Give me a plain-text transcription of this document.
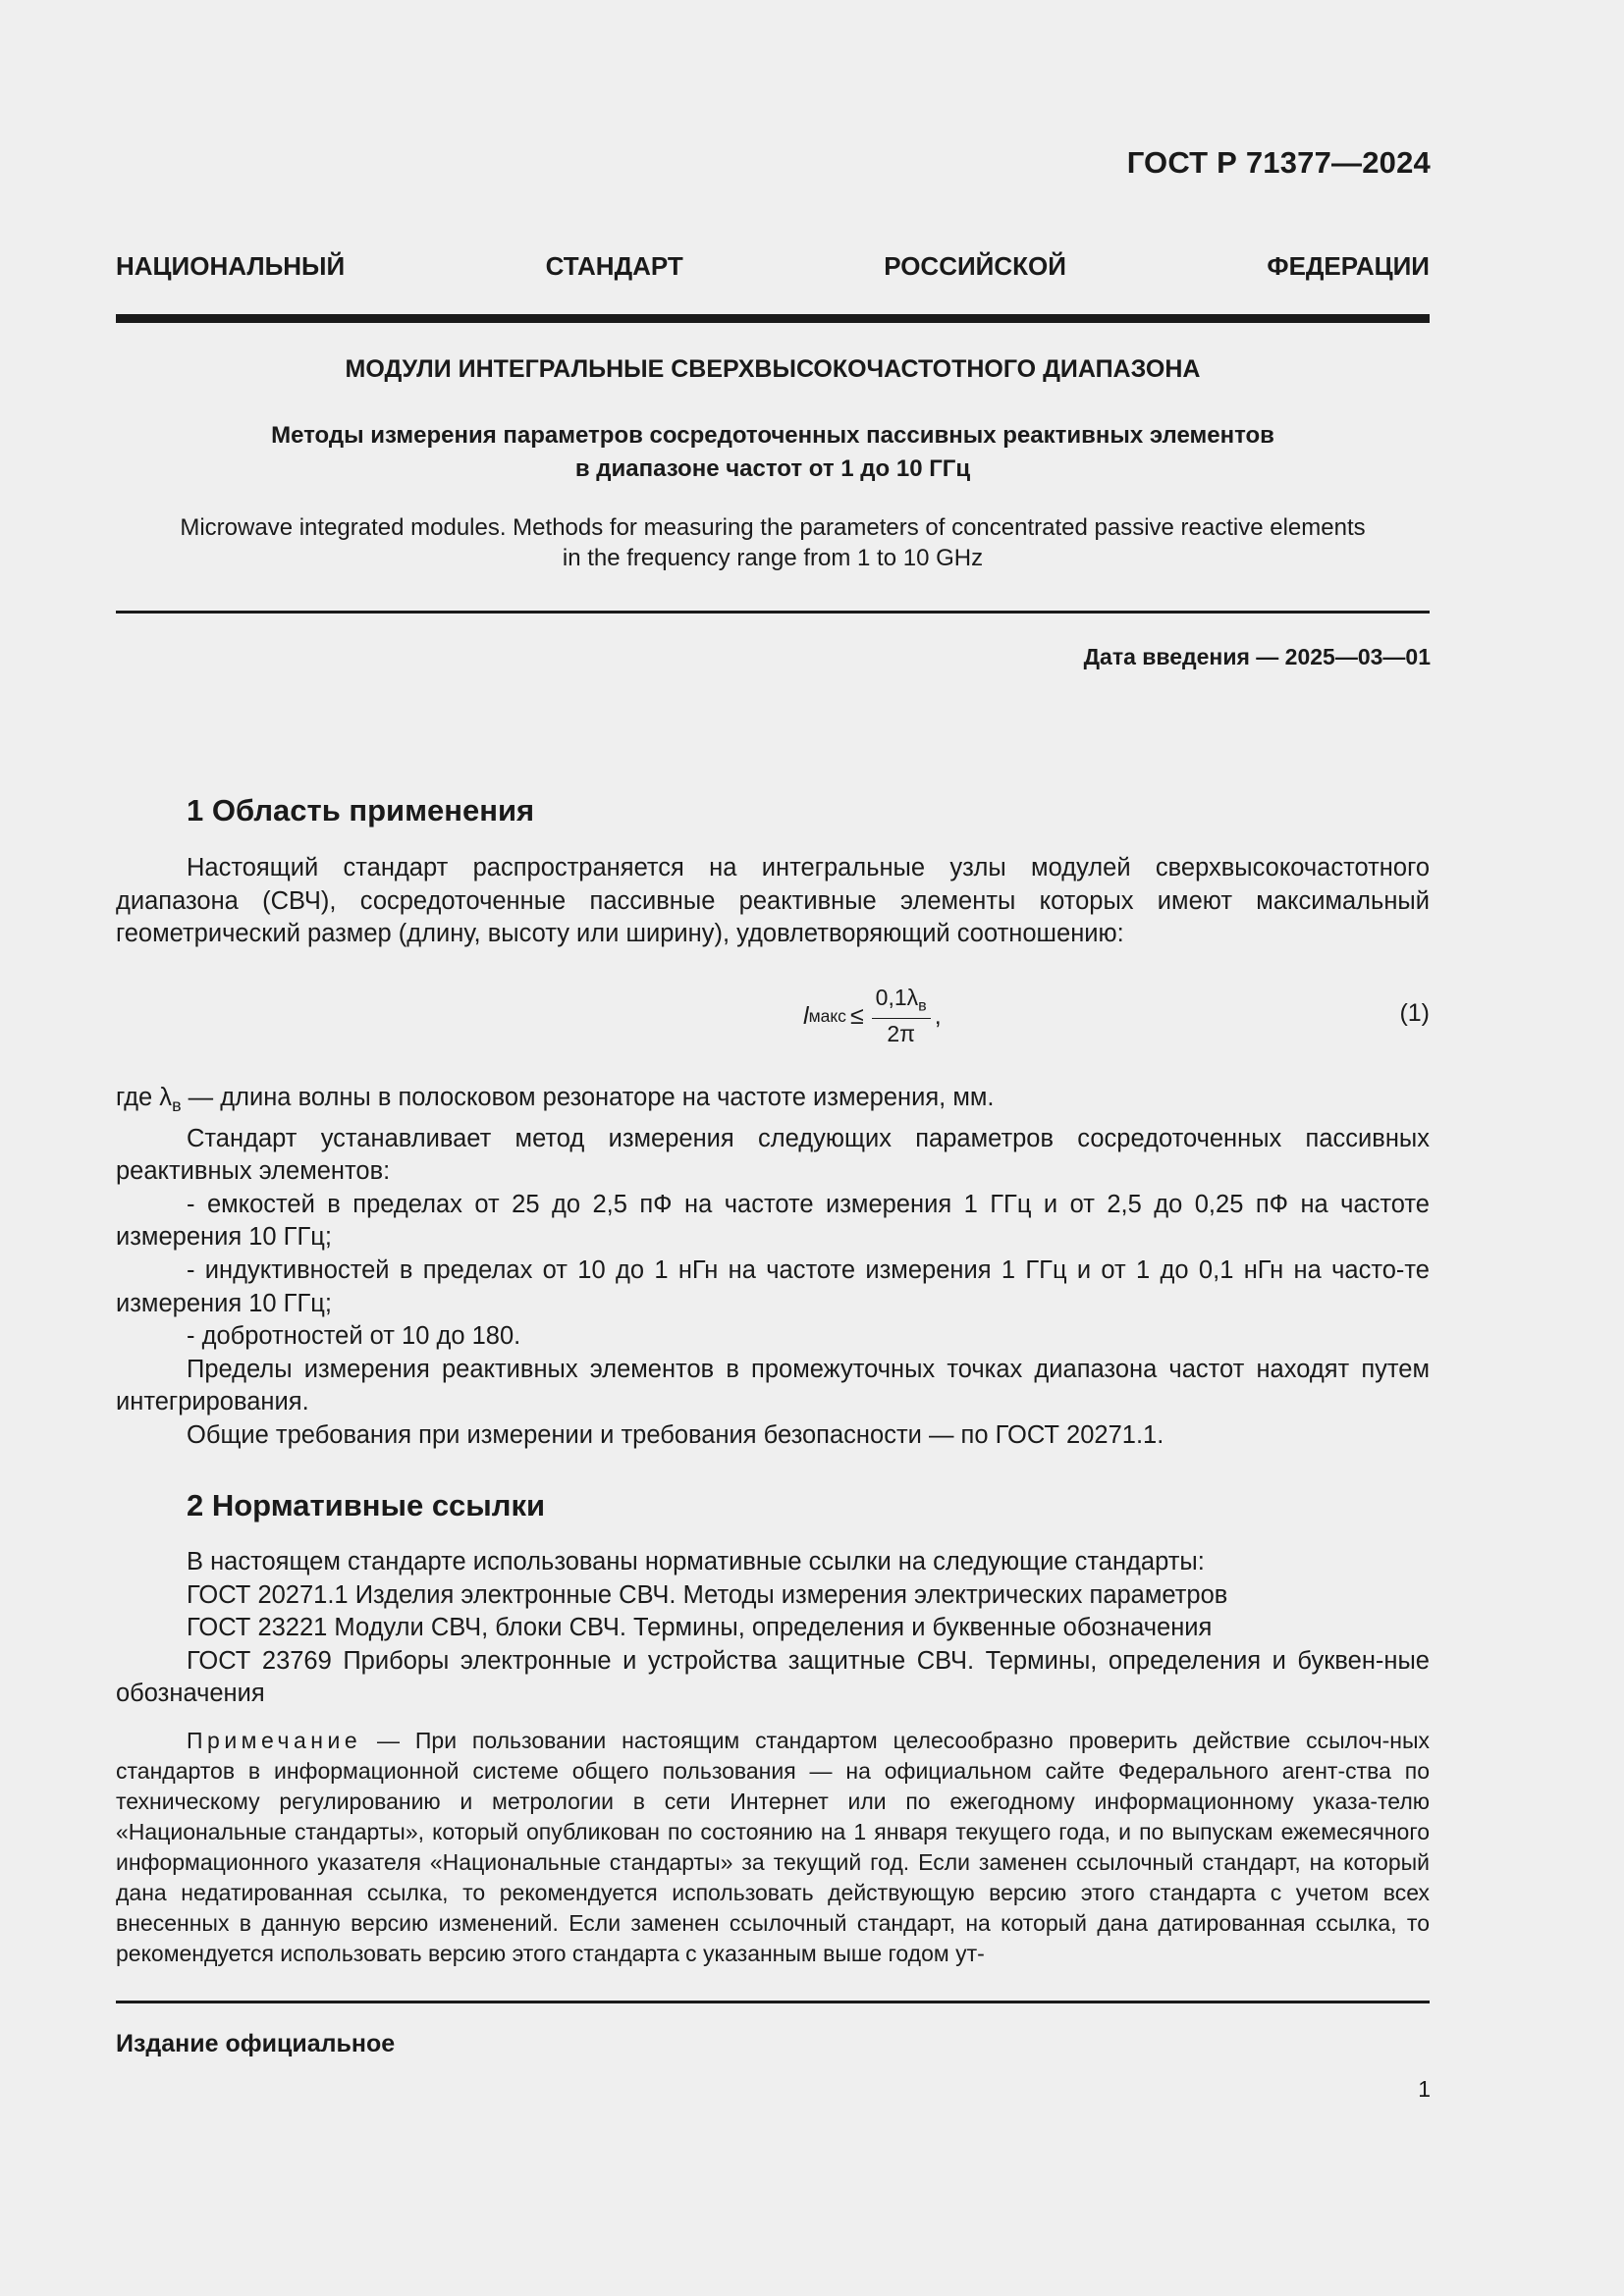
ГОСТ Р 71377—2024
НАЦИОНАЛЬНЫЙ	СТАНДАРТ	РОССИЙСКОЙ	ФЕДЕРАЦИИ
МОДУЛИ ИНТЕГРАЛЬНЫЕ СВЕРХВЫСОКОЧАСТОТНОГО ДИАПАЗОНА
Методы измерения параметров сосредоточенных пассивных реактивных элементов
в диапазоне частот от 1 до 10 ГГц
Microwave integrated modules. Methods for measuring the parameters of concentrated passive reactive elements
in the frequency range from 1 to 10 GHz
Дата введения — 2025—03—01
1 Область применения

Настоящий стандарт распространяется на интегральные узлы модулей сверхвысокочастотного диапазона (СВЧ), сосредоточенные пассивные реактивные элементы которых имеют максимальный геометрический размер (длину, высоту или ширину), удовлетворяющий соотношению:

l макс ≤ $\frac{0,1\lambda_в}{2\pi}$ ,	(1)

где $\lambda_в$ — длина волны в полосковом резонаторе на частоте измерения, мм.

Стандарт устанавливает метод измерения следующих параметров сосредоточенных пассивных реактивных элементов:

- емкостей в пределах от 25 до 2,5 пФ на частоте измерения 1 ГГц и от 2,5 до 0,25 пФ на частоте измерения 10 ГГц;

- индуктивностей в пределах от 10 до 1 нГн на частоте измерения 1 ГГц и от 1 до 0,1 нГн на часто-те измерения 10 ГГц;

- добротностей от 10 до 180.

Пределы измерения реактивных элементов в промежуточных точках диапазона частот находят путем интегрирования.

Общие требования при измерении и требования безопасности — по ГОСТ 20271.1.

2 Нормативные ссылки

В настоящем стандарте использованы нормативные ссылки на следующие стандарты:

ГОСТ 20271.1 Изделия электронные СВЧ. Методы измерения электрических параметров

ГОСТ 23221 Модули СВЧ, блоки СВЧ. Термины, определения и буквенные обозначения

ГОСТ 23769 Приборы электронные и устройства защитные СВЧ. Термины, определения и буквен-ные обозначения

Примечание — При пользовании настоящим стандартом целесообразно проверить действие ссылоч-ных стандартов в информационной системе общего пользования — на официальном сайте Федерального агент-ства по техническому регулированию и метрологии в сети Интернет или по ежегодному информационному указа-телю «Национальные стандарты», который опубликован по состоянию на 1 января текущего года, и по выпускам ежемесячного информационного указателя «Национальные стандарты» за текущий год. Если заменен ссылочный стандарт, на который дана недатированная ссылка, то рекомендуется использовать действующую версию этого стандарта с учетом всех внесенных в данную версию изменений. Если заменен ссылочный стандарт, на который дана датированная ссылка, то рекомендуется использовать версию этого стандарта с указанным выше годом ут-

Издание официальное
1
